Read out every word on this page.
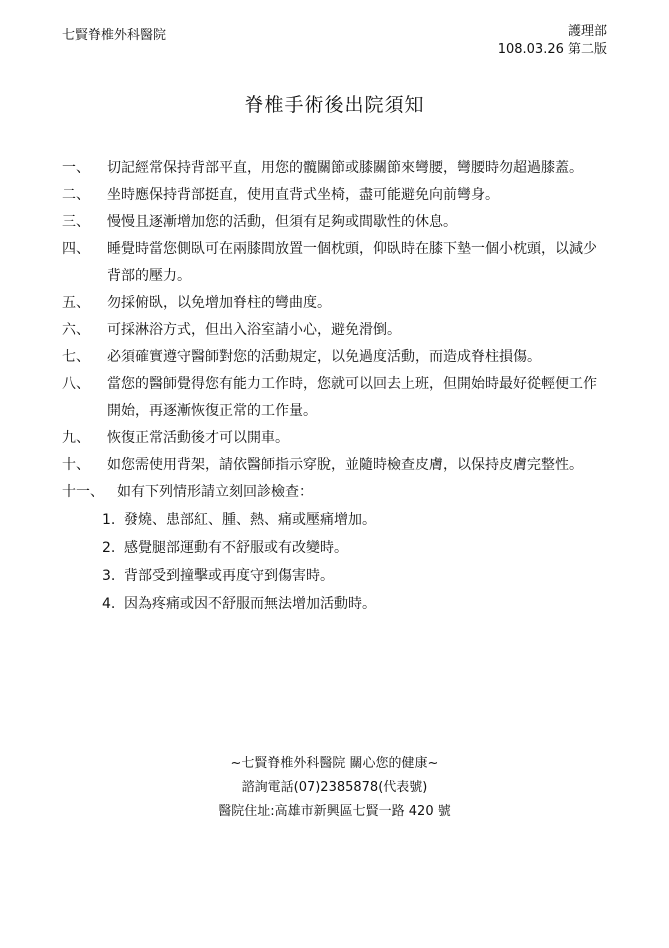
七賢脊椎外科醫院	護理部
108.03.26 第二版
脊椎手術後出院須知
一、	切記經常保持背部平直，用您的髖關節或膝關節來彎腰，彎腰時勿超過膝蓋。
二、	坐時應保持背部挺直，使用直背式坐椅，盡可能避免向前彎身。
三、	慢慢且逐漸增加您的活動，但須有足夠或間歇性的休息。
四、	睡覺時當您側臥可在兩膝間放置一個枕頭，仰臥時在膝下墊一個小枕頭，以減少背部的壓力。
五、	勿採俯臥，以免增加脊柱的彎曲度。
六、	可採淋浴方式，但出入浴室請小心，避免滑倒。
七、	必須確實遵守醫師對您的活動規定，以免過度活動，而造成脊柱損傷。
八、	當您的醫師覺得您有能力工作時，您就可以回去上班，但開始時最好從輕便工作開始，再逐漸恢復正常的工作量。
九、	恢復正常活動後才可以開車。
十、	如您需使用背架，請依醫師指示穿脫，並隨時檢查皮膚，以保持皮膚完整性。
十一、 如有下列情形請立刻回診檢查：
1. 發燒、患部紅、腫、熱、痛或壓痛增加。
2. 感覺腿部運動有不舒服或有改變時。
3. 背部受到撞擊或再度守到傷害時。
4. 因為疼痛或因不舒服而無法增加活動時。
~七賢脊椎外科醫院 關心您的健康~
諮詢電話(07)2385878(代表號)
醫院住址:高雄市新興區七賢一路 420 號
